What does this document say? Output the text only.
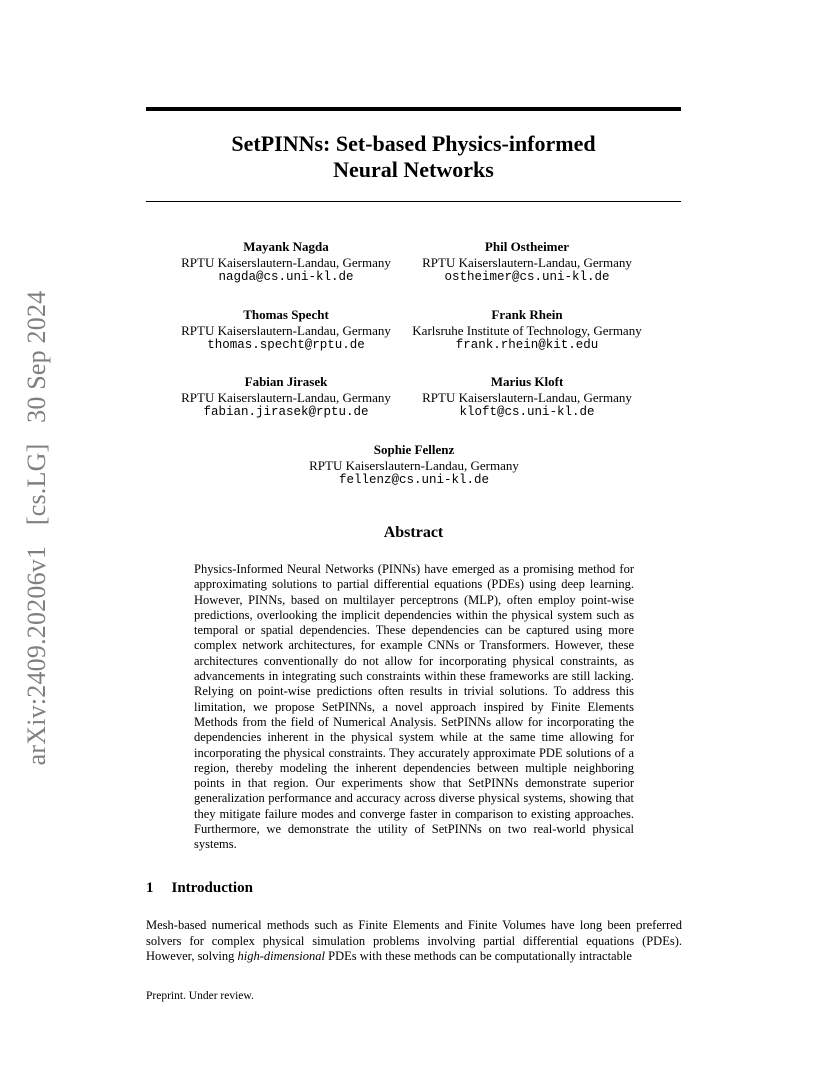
arXiv:2409.20206v1 [cs.LG] 30 Sep 2024
SetPINNs: Set-based Physics-informed
Neural Networks
Mayank Nagda
RPTU Kaiserslautern-Landau, Germany
nagda@cs.uni-kl.de
Phil Ostheimer
RPTU Kaiserslautern-Landau, Germany
ostheimer@cs.uni-kl.de
Thomas Specht
RPTU Kaiserslautern-Landau, Germany
thomas.specht@rptu.de
Frank Rhein
Karlsruhe Institute of Technology, Germany
frank.rhein@kit.edu
Fabian Jirasek
RPTU Kaiserslautern-Landau, Germany
fabian.jirasek@rptu.de
Marius Kloft
RPTU Kaiserslautern-Landau, Germany
kloft@cs.uni-kl.de
Sophie Fellenz
RPTU Kaiserslautern-Landau, Germany
fellenz@cs.uni-kl.de
Abstract
Physics-Informed Neural Networks (PINNs) have emerged as a promising method for approximating solutions to partial differential equations (PDEs) using deep learning. However, PINNs, based on multilayer perceptrons (MLP), often employ point-wise predictions, overlooking the implicit dependencies within the physical system such as temporal or spatial dependencies. These dependencies can be captured using more complex network architectures, for example CNNs or Transformers. However, these architectures conventionally do not allow for incorporating physical constraints, as advancements in integrating such constraints within these frameworks are still lacking. Relying on point-wise predictions often results in trivial solutions. To address this limitation, we propose SetPINNs, a novel approach inspired by Finite Elements Methods from the field of Numerical Analysis. SetPINNs allow for incorporating the dependencies inherent in the physical system while at the same time allowing for incorporating the physical constraints. They accurately approximate PDE solutions of a region, thereby modeling the inherent dependencies between multiple neighboring points in that region. Our experiments show that SetPINNs demonstrate superior generalization performance and accuracy across diverse physical systems, showing that they mitigate failure modes and converge faster in comparison to existing approaches. Furthermore, we demonstrate the utility of SetPINNs on two real-world physical systems.
1 Introduction
Mesh-based numerical methods such as Finite Elements and Finite Volumes have long been preferred solvers for complex physical simulation problems involving partial differential equations (PDEs). However, solving high-dimensional PDEs with these methods can be computationally intractable
Preprint. Under review.
